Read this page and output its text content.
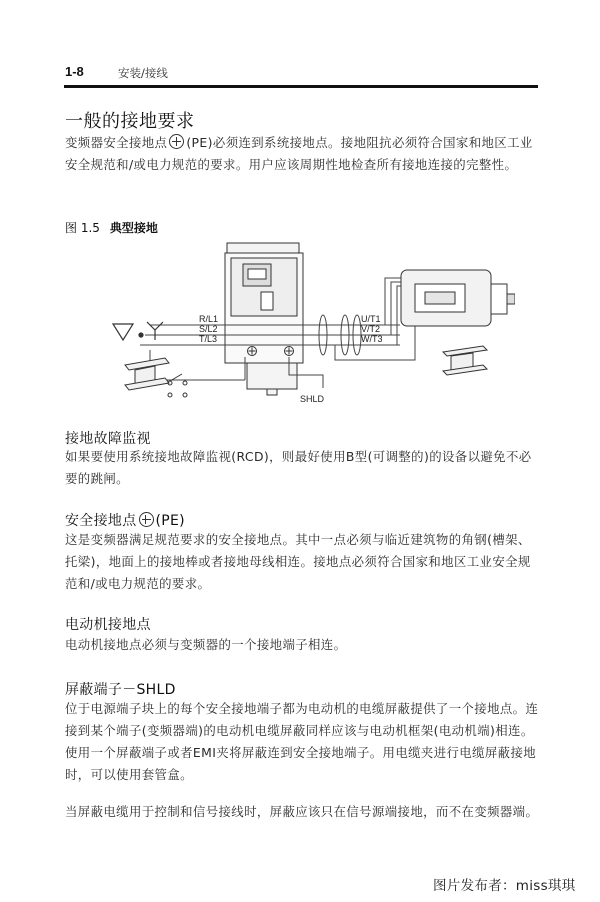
1-8	安装/接线
一般的接地要求
变频器安全接地点 (PE)必须连到系统接地点。接地阻抗必须符合国家和地区工业安全规范和/或电力规范的要求。用户应该周期性地检查所有接地连接的完整性。
图 1.5 典型接地
R/L1
S/L2
T/L3
U/T1
V/T2
W/T3
SHLD
接地故障监视
如果要使用系统接地故障监视(RCD)，则最好使用B型(可调整的)的设备以避免不必要的跳闸。
安全接地点 (PE)
这是变频器满足规范要求的安全接地点。其中一点必须与临近建筑物的角钢(槽架、托梁)，地面上的接地棒或者接地母线相连。接地点必须符合国家和地区工业安全规范和/或电力规范的要求。
电动机接地点
电动机接地点必须与变频器的一个接地端子相连。
屏蔽端子－SHLD
位于电源端子块上的每个安全接地端子都为电动机的电缆屏蔽提供了一个接地点。连接到某个端子(变频器端)的电动机电缆屏蔽同样应该与电动机框架(电动机端)相连。使用一个屏蔽端子或者EMI夹将屏蔽连到安全接地端子。用电缆夹进行电缆屏蔽接地时，可以使用套管盒。
当屏蔽电缆用于控制和信号接线时，屏蔽应该只在信号源端接地，而不在变频器端。
图片发布者：miss琪琪
